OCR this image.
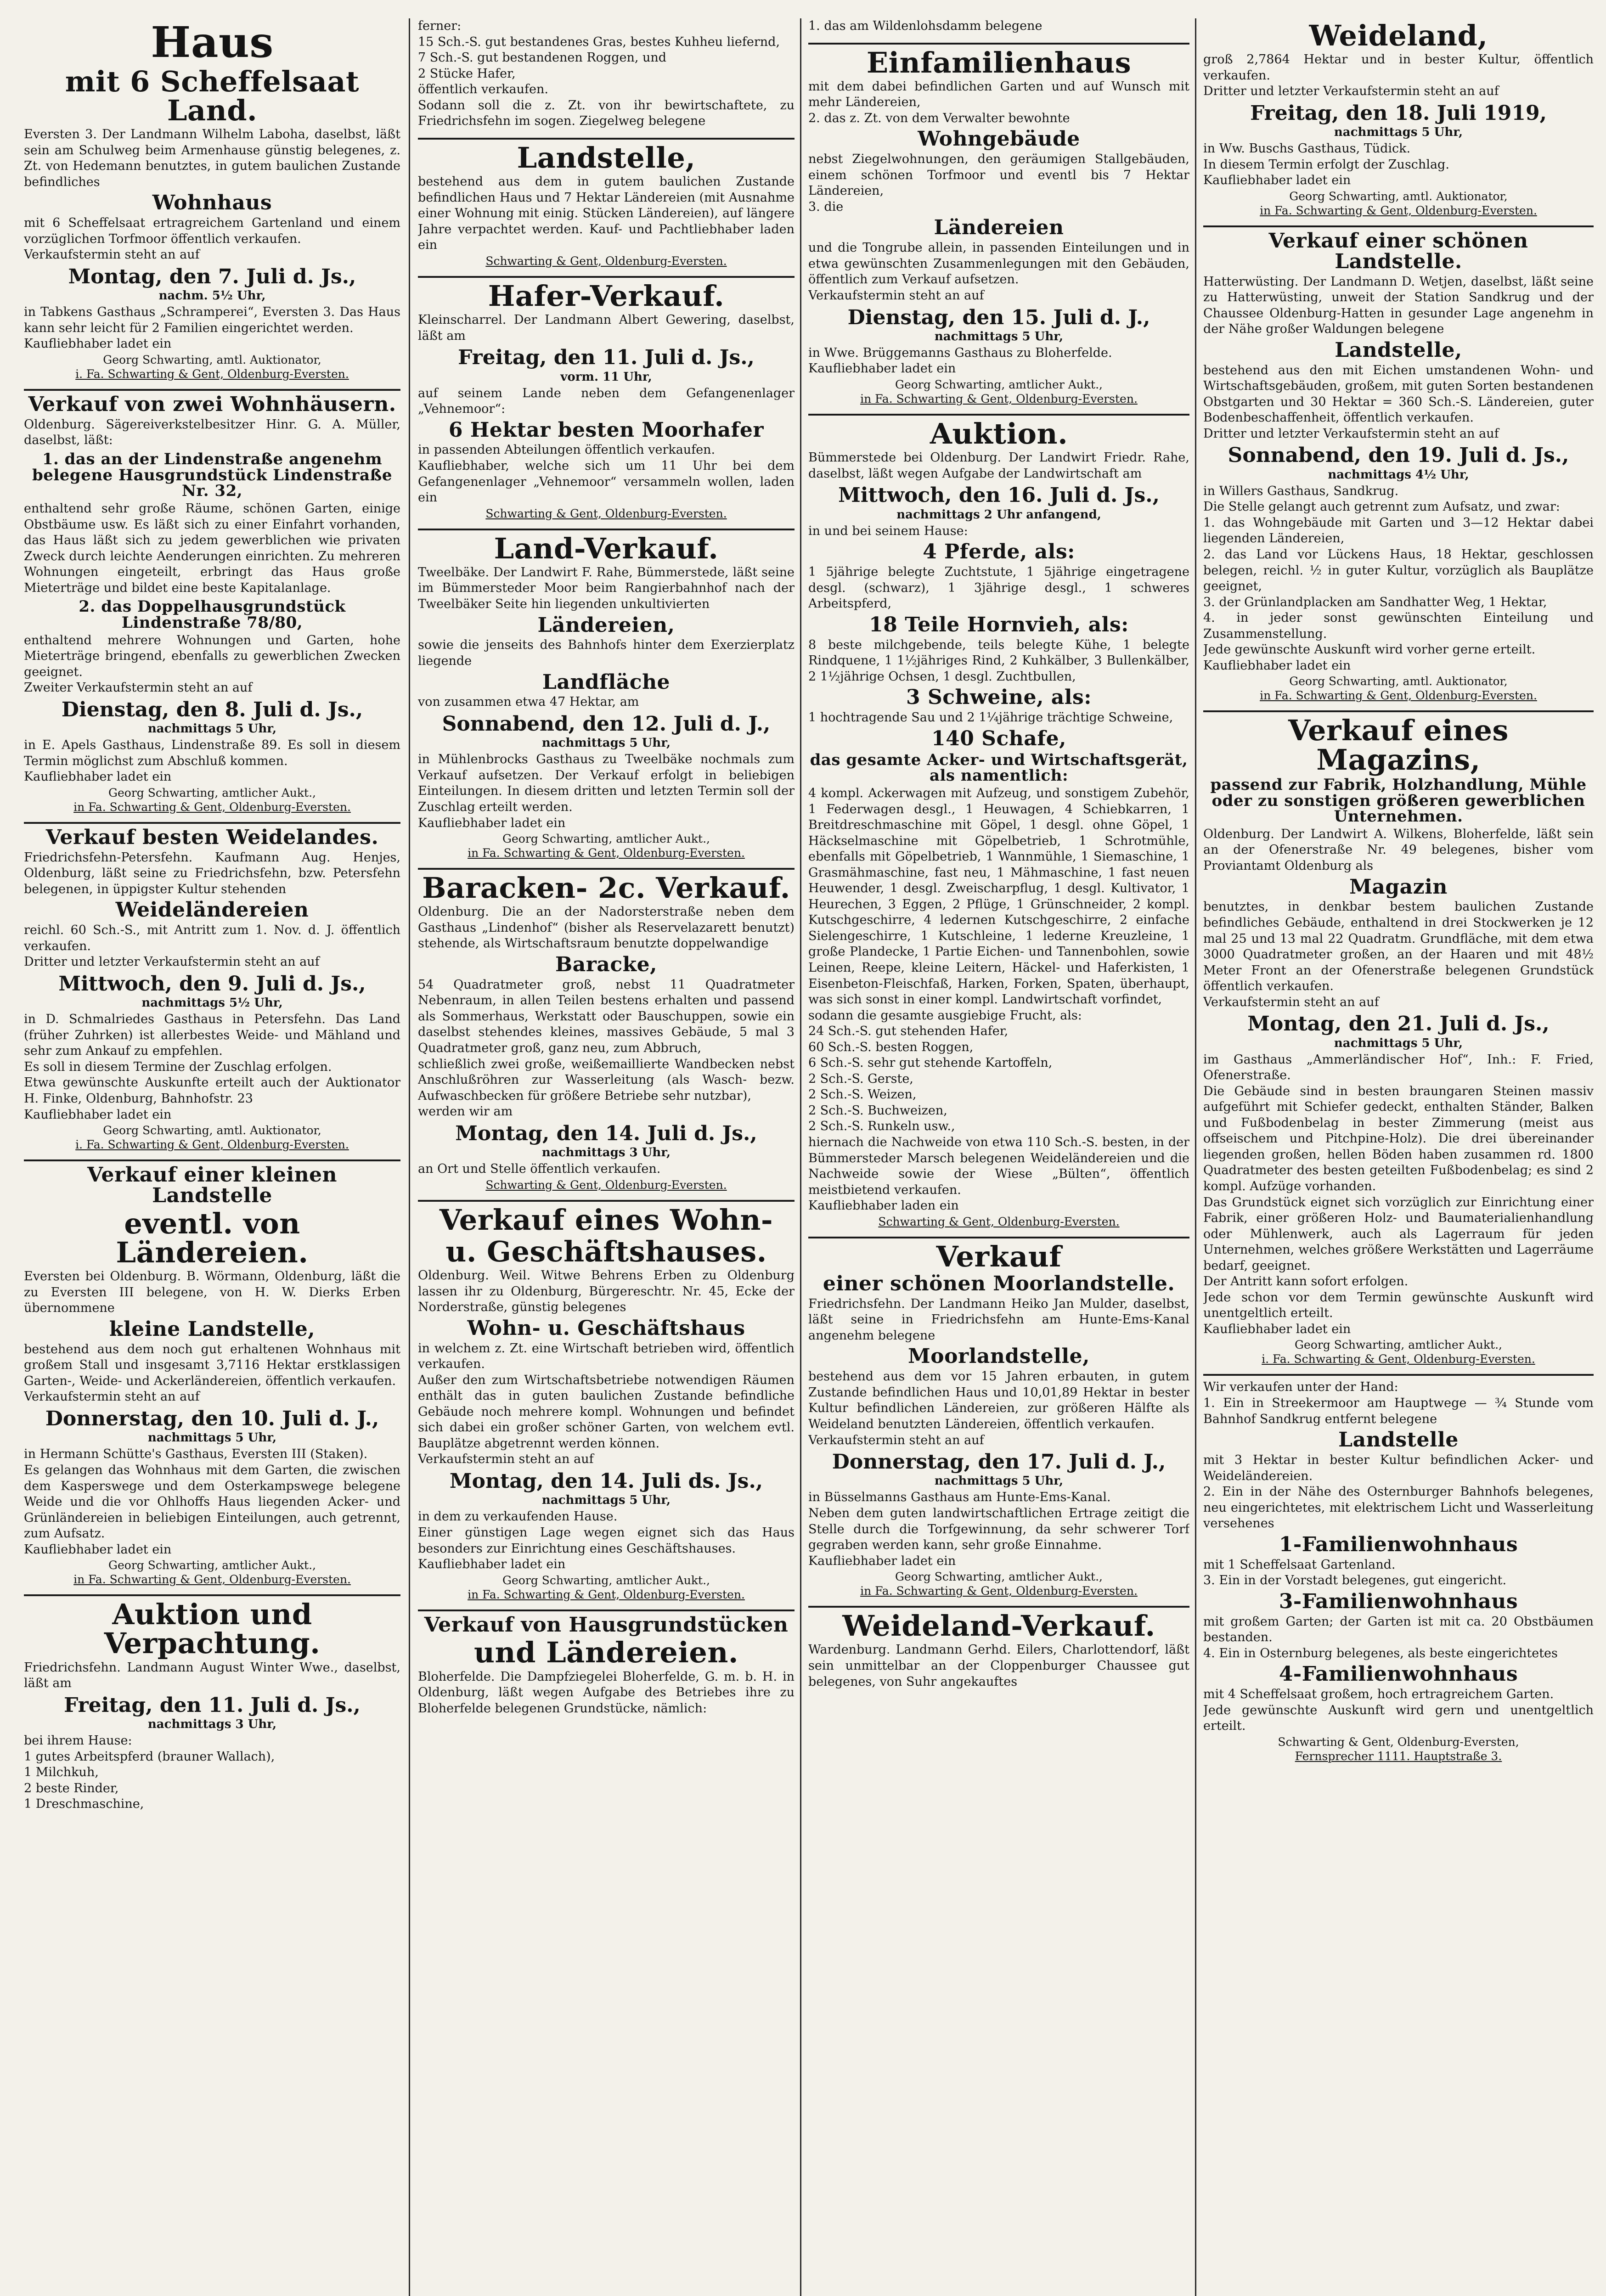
Haus
mit 6 Scheffelsaat Land.

Eversten 3. Der Landmann Wilhelm Laboha, daselbst, läßt sein am Schulweg beim Armenhause günstig belegenes, z. Zt. von Hedemann benutztes, in gutem baulichen Zustande befindliches

Wohnhaus

mit 6 Scheffelsaat ertragreichem Gartenland und einem vorzüglichen Torfmoor öffentlich verkaufen.

Verkaufstermin steht an auf

Montag, den 7. Juli d. Js.,
nachm. 5½ Uhr,

in Tabkens Gasthaus „Schramperei“, Eversten 3. Das Haus kann sehr leicht für 2 Familien eingerichtet werden.

Kaufliebhaber ladet ein

Georg Schwarting, amtl. Auktionator,

i. Fa. Schwarting & Gent, Oldenburg-Eversten.

Verkauf von zwei Wohnhäusern.

Oldenburg. Sägereiverkstelbesitzer Hinr. G. A. Müller, daselbst, läßt:

1. das an der Lindenstraße angenehm belegene Hausgrundstück Lindenstraße Nr. 32,

enthaltend sehr große Räume, schönen Garten, einige Obstbäume usw. Es läßt sich zu einer Einfahrt vorhanden, das Haus läßt sich zu jedem gewerblichen wie privaten Zweck durch leichte Aenderungen einrichten. Zu mehreren Wohnungen eingeteilt, erbringt das Haus große Mieterträge und bildet eine beste Kapitalanlage.

2. das Doppelhausgrundstück Lindenstraße 78/80,

enthaltend mehrere Wohnungen und Garten, hohe Mieterträge bringend, ebenfalls zu gewerblichen Zwecken geeignet.

Zweiter Verkaufstermin steht an auf

Dienstag, den 8. Juli d. Js.,
nachmittags 5 Uhr,

in E. Apels Gasthaus, Lindenstraße 89. Es soll in diesem Termin möglichst zum Abschluß kommen.

Kaufliebhaber ladet ein

Georg Schwarting, amtlicher Aukt.,

in Fa. Schwarting & Gent, Oldenburg-Eversten.

Verkauf besten Weidelandes.

Friedrichsfehn-Petersfehn. Kaufmann Aug. Henjes, Oldenburg, läßt seine zu Friedrichsfehn, bzw. Petersfehn belegenen, in üppigster Kultur stehenden

Weideländereien

reichl. 60 Sch.-S., mit Antritt zum 1. Nov. d. J. öffentlich verkaufen.

Dritter und letzter Verkaufstermin steht an auf

Mittwoch, den 9. Juli d. Js.,
nachmittags 5½ Uhr,

in D. Schmalriedes Gasthaus in Petersfehn. Das Land (früher Zuhrken) ist allerbestes Weide- und Mähland und sehr zum Ankauf zu empfehlen.

Es soll in diesem Termine der Zuschlag erfolgen.

Etwa gewünschte Auskunfte erteilt auch der Auktionator H. Finke, Oldenburg, Bahnhofstr. 23

Kaufliebhaber ladet ein

Georg Schwarting, amtl. Auktionator,

i. Fa. Schwarting & Gent, Oldenburg-Eversten.

Verkauf einer kleinen Landstelle
eventl. von Ländereien.

Eversten bei Oldenburg. B. Wörmann, Oldenburg, läßt die zu Eversten III belegene, von H. W. Dierks Erben übernommene

kleine Landstelle,

bestehend aus dem noch gut erhaltenen Wohnhaus mit großem Stall und insgesamt 3,7116 Hektar erstklassigen Garten-, Weide- und Ackerländereien, öffentlich verkaufen.

Verkaufstermin steht an auf

Donnerstag, den 10. Juli d. J.,
nachmittags 5 Uhr,

in Hermann Schütte's Gasthaus, Eversten III (Staken).

Es gelangen das Wohnhaus mit dem Garten, die zwischen dem Kasperswege und dem Osterkampswege belegene Weide und die vor Ohlhoffs Haus liegenden Acker- und Grünländereien in beliebigen Einteilungen, auch getrennt, zum Aufsatz.

Kaufliebhaber ladet ein

Georg Schwarting, amtlicher Aukt.,

in Fa. Schwarting & Gent, Oldenburg-Eversten.

Auktion und Verpachtung.

Friedrichsfehn. Landmann August Winter Wwe., daselbst, läßt am

Freitag, den 11. Juli d. Js.,
nachmittags 3 Uhr,

bei ihrem Hause:

1 gutes Arbeitspferd (brauner Wallach),

1 Milchkuh,

2 beste Rinder,

1 Dreschmaschine,

ferner:

15 Sch.-S. gut bestandenes Gras, bestes Kuhheu liefernd,

7 Sch.-S. gut bestandenen Roggen, und

2 Stücke Hafer,

öffentlich verkaufen.

Sodann soll die z. Zt. von ihr bewirtschaftete, zu Friedrichsfehn im sogen. Ziegelweg belegene

Landstelle,

bestehend aus dem in gutem baulichen Zustande befindlichen Haus und 7 Hektar Ländereien (mit Ausnahme einer Wohnung mit einig. Stücken Ländereien), auf längere Jahre verpachtet werden. Kauf- und Pachtliebhaber laden ein

Schwarting & Gent, Oldenburg-Eversten.

Hafer-Verkauf.

Kleinscharrel. Der Landmann Albert Gewering, daselbst, läßt am

Freitag, den 11. Juli d. Js.,
vorm. 11 Uhr,

auf seinem Lande neben dem Gefangenenlager „Vehnemoor“:

6 Hektar besten Moorhafer

in passenden Abteilungen öffentlich verkaufen.

Kaufliebhaber, welche sich um 11 Uhr bei dem Gefangenenlager „Vehnemoor“ versammeln wollen, laden ein

Schwarting & Gent, Oldenburg-Eversten.

Land-Verkauf.

Tweelbäke. Der Landwirt F. Rahe, Bümmerstede, läßt seine im Bümmersteder Moor beim Rangierbahnhof nach der Tweelbäker Seite hin liegenden unkultivierten

Ländereien,

sowie die jenseits des Bahnhofs hinter dem Exerzierplatz liegende

Landfläche

von zusammen etwa 47 Hektar, am

Sonnabend, den 12. Juli d. J.,
nachmittags 5 Uhr,

in Mühlenbrocks Gasthaus zu Tweelbäke nochmals zum Verkauf aufsetzen. Der Verkauf erfolgt in beliebigen Einteilungen. In diesem dritten und letzten Termin soll der Zuschlag erteilt werden.

Kaufliebhaber ladet ein

Georg Schwarting, amtlicher Aukt.,

in Fa. Schwarting & Gent, Oldenburg-Eversten.

Baracken- 2c. Verkauf.

Oldenburg. Die an der Nadorsterstraße neben dem Gasthaus „Lindenhof“ (bisher als Reservelazarett benutzt) stehende, als Wirtschaftsraum benutzte doppelwandige

Baracke,

54 Quadratmeter groß, nebst 11 Quadratmeter Nebenraum, in allen Teilen bestens erhalten und passend als Sommerhaus, Werkstatt oder Bauschuppen, sowie ein daselbst stehendes kleines, massives Gebäude, 5 mal 3 Quadratmeter groß, ganz neu, zum Abbruch,

schließlich zwei große, weißemaillierte Wandbecken nebst Anschlußröhren zur Wasserleitung (als Wasch- bezw. Aufwaschbecken für größere Betriebe sehr nutzbar),

werden wir am

Montag, den 14. Juli d. Js.,
nachmittags 3 Uhr,

an Ort und Stelle öffentlich verkaufen.

Schwarting & Gent, Oldenburg-Eversten.

Verkauf eines Wohn-
u. Geschäftshauses.

Oldenburg. Weil. Witwe Behrens Erben zu Oldenburg lassen ihr zu Oldenburg, Bürgereschtr. Nr. 45, Ecke der Norderstraße, günstig belegenes

Wohn- u. Geschäftshaus

in welchem z. Zt. eine Wirtschaft betrieben wird, öffentlich verkaufen.

Außer den zum Wirtschaftsbetriebe notwendigen Räumen enthält das in guten baulichen Zustande befindliche Gebäude noch mehrere kompl. Wohnungen und befindet sich dabei ein großer schöner Garten, von welchem evtl. Bauplätze abgetrennt werden können.

Verkaufstermin steht an auf

Montag, den 14. Juli ds. Js.,
nachmittags 5 Uhr,

in dem zu verkaufenden Hause.

Einer günstigen Lage wegen eignet sich das Haus besonders zur Einrichtung eines Geschäftshauses.

Kaufliebhaber ladet ein

Georg Schwarting, amtlicher Aukt.,

in Fa. Schwarting & Gent, Oldenburg-Eversten.

Verkauf von Hausgrundstücken
und Ländereien.

Bloherfelde. Die Dampfziegelei Bloherfelde, G. m. b. H. in Oldenburg, läßt wegen Aufgabe des Betriebes ihre zu Bloherfelde belegenen Grundstücke, nämlich:

1. das am Wildenlohsdamm belegene

Einfamilienhaus

mit dem dabei befindlichen Garten und auf Wunsch mit mehr Ländereien,

2. das z. Zt. von dem Verwalter bewohnte

Wohngebäude

nebst Ziegelwohnungen, den geräumigen Stallgebäuden, einem schönen Torfmoor und eventl bis 7 Hektar Ländereien,

3. die

Ländereien

und die Tongrube allein, in passenden Einteilungen und in etwa gewünschten Zusammenlegungen mit den Gebäuden, öffentlich zum Verkauf aufsetzen.

Verkaufstermin steht an auf

Dienstag, den 15. Juli d. J.,
nachmittags 5 Uhr,

in Wwe. Brüggemanns Gasthaus zu Bloherfelde.

Kaufliebhaber ladet ein

Georg Schwarting, amtlicher Aukt.,

in Fa. Schwarting & Gent, Oldenburg-Eversten.

Auktion.

Bümmerstede bei Oldenburg. Der Landwirt Friedr. Rahe, daselbst, läßt wegen Aufgabe der Landwirtschaft am

Mittwoch, den 16. Juli d. Js.,
nachmittags 2 Uhr anfangend,

in und bei seinem Hause:

4 Pferde, als:

1 5jährige belegte Zuchtstute, 1 5jährige eingetragene desgl. (schwarz), 1 3jährige desgl., 1 schweres Arbeitspferd,

18 Teile Hornvieh, als:

8 beste milchgebende, teils belegte Kühe, 1 belegte Rindquene, 1 1½jähriges Rind, 2 Kuhkälber, 3 Bullenkälber, 2 1½jährige Ochsen, 1 desgl. Zuchtbullen,

3 Schweine, als:

1 hochtragende Sau und 2 1¼jährige trächtige Schweine,

140 Schafe,

das gesamte Acker- und Wirtschaftsgerät, als namentlich:

4 kompl. Ackerwagen mit Aufzeug, und sonstigem Zubehör, 1 Federwagen desgl., 1 Heuwagen, 4 Schiebkarren, 1 Breitdreschmaschine mit Göpel, 1 desgl. ohne Göpel, 1 Häckselmaschine mit Göpelbetrieb, 1 Schrotmühle, ebenfalls mit Göpelbetrieb, 1 Wannmühle, 1 Siemaschine, 1 Grasmähmaschine, fast neu, 1 Mähmaschine, 1 fast neuen Heuwender, 1 desgl. Zweischarpflug, 1 desgl. Kultivator, 1 Heurechen, 3 Eggen, 2 Pflüge, 1 Grünschneider, 2 kompl. Kutschgeschirre, 4 ledernen Kutschgeschirre, 2 einfache Sielengeschirre, 1 Kutschleine, 1 lederne Kreuzleine, 1 große Plandecke, 1 Partie Eichen- und Tannenbohlen, sowie Leinen, Reepe, kleine Leitern, Häckel- und Haferkisten, 1 Eisenbeton-Fleischfaß, Harken, Forken, Spaten, überhaupt, was sich sonst in einer kompl. Landwirtschaft vorfindet,

sodann die gesamte ausgiebige Frucht, als:

24 Sch.-S. gut stehenden Hafer,

60 Sch.-S. besten Roggen,

6 Sch.-S. sehr gut stehende Kartoffeln,

2 Sch.-S. Gerste,

2 Sch.-S. Weizen,

2 Sch.-S. Buchweizen,

2 Sch.-S. Runkeln usw.,

hiernach die Nachweide von etwa 110 Sch.-S. besten, in der Bümmersteder Marsch belegenen Weideländereien und die Nachweide sowie der Wiese „Bülten“, öffentlich meistbietend verkaufen.

Kaufliebhaber laden ein

Schwarting & Gent, Oldenburg-Eversten.

Verkauf
einer schönen Moorlandstelle.

Friedrichsfehn. Der Landmann Heiko Jan Mulder, daselbst, läßt seine in Friedrichsfehn am Hunte-Ems-Kanal angenehm belegene

Moorlandstelle,

bestehend aus dem vor 15 Jahren erbauten, in gutem Zustande befindlichen Haus und 10,01,89 Hektar in bester Kultur befindlichen Ländereien, zur größeren Hälfte als Weideland benutzten Ländereien, öffentlich verkaufen.

Verkaufstermin steht an auf

Donnerstag, den 17. Juli d. J.,
nachmittags 5 Uhr,

in Büsselmanns Gasthaus am Hunte-Ems-Kanal.

Neben dem guten landwirtschaftlichen Ertrage zeitigt die Stelle durch die Torfgewinnung, da sehr schwerer Torf gegraben werden kann, sehr große Einnahme.

Kaufliebhaber ladet ein

Georg Schwarting, amtlicher Aukt.,

in Fa. Schwarting & Gent, Oldenburg-Eversten.

Weideland-Verkauf.

Wardenburg. Landmann Gerhd. Eilers, Charlottendorf, läßt sein unmittelbar an der Cloppenburger Chaussee gut belegenes, von Suhr angekauftes

Weideland,

groß 2,7864 Hektar und in bester Kultur, öffentlich verkaufen.

Dritter und letzter Verkaufstermin steht an auf

Freitag, den 18. Juli 1919,
nachmittags 5 Uhr,

in Ww. Buschs Gasthaus, Tüdick.

In diesem Termin erfolgt der Zuschlag.

Kaufliebhaber ladet ein

Georg Schwarting, amtl. Auktionator,

in Fa. Schwarting & Gent, Oldenburg-Eversten.

Verkauf einer schönen Landstelle.

Hatterwüsting. Der Landmann D. Wetjen, daselbst, läßt seine zu Hatterwüsting, unweit der Station Sandkrug und der Chaussee Oldenburg-Hatten in gesunder Lage angenehm in der Nähe großer Waldungen belegene

Landstelle,

bestehend aus den mit Eichen umstandenen Wohn- und Wirtschaftsgebäuden, großem, mit guten Sorten bestandenen Obstgarten und 30 Hektar = 360 Sch.-S. Ländereien, guter Bodenbeschaffenheit, öffentlich verkaufen.

Dritter und letzter Verkaufstermin steht an auf

Sonnabend, den 19. Juli d. Js.,
nachmittags 4½ Uhr,

in Willers Gasthaus, Sandkrug.

Die Stelle gelangt auch getrennt zum Aufsatz, und zwar:

1. das Wohngebäude mit Garten und 3—12 Hektar dabei liegenden Ländereien,

2. das Land vor Lückens Haus, 18 Hektar, geschlossen belegen, reichl. ½ in guter Kultur, vorzüglich als Bauplätze geeignet,

3. der Grünlandplacken am Sandhatter Weg, 1 Hektar,

4. in jeder sonst gewünschten Einteilung und Zusammenstellung.

Jede gewünschte Auskunft wird vorher gerne erteilt.

Kaufliebhaber ladet ein

Georg Schwarting, amtl. Auktionator,

in Fa. Schwarting & Gent, Oldenburg-Eversten.

Verkauf eines Magazins,
passend zur Fabrik, Holzhandlung, Mühle oder zu sonstigen größeren gewerblichen Unternehmen.

Oldenburg. Der Landwirt A. Wilkens, Bloherfelde, läßt sein an der Ofenerstraße Nr. 49 belegenes, bisher vom Proviantamt Oldenburg als

Magazin

benutztes, in denkbar bestem baulichen Zustande befindliches Gebäude, enthaltend in drei Stockwerken je 12 mal 25 und 13 mal 22 Quadratm. Grundfläche, mit dem etwa 3000 Quadratmeter großen, an der Haaren und mit 48½ Meter Front an der Ofenerstraße belegenen Grundstück öffentlich verkaufen.

Verkaufstermin steht an auf

Montag, den 21. Juli d. Js.,
nachmittags 5 Uhr,

im Gasthaus „Ammerländischer Hof“, Inh.: F. Fried, Ofenerstraße.

Die Gebäude sind in besten braungaren Steinen massiv aufgeführt mit Schiefer gedeckt, enthalten Ständer, Balken und Fußbodenbelag in bester Zimmerung (meist aus offseischem und Pitchpine-Holz). Die drei übereinander liegenden großen, hellen Böden haben zusammen rd. 1800 Quadratmeter des besten geteilten Fußbodenbelag; es sind 2 kompl. Aufzüge vorhanden.

Das Grundstück eignet sich vorzüglich zur Einrichtung einer Fabrik, einer größeren Holz- und Baumaterialienhandlung oder Mühlenwerk, auch als Lagerraum für jeden Unternehmen, welches größere Werkstätten und Lagerräume bedarf, geeignet.

Der Antritt kann sofort erfolgen.

Jede schon vor dem Termin gewünschte Auskunft wird unentgeltlich erteilt.

Kaufliebhaber ladet ein

Georg Schwarting, amtlicher Aukt.,

i. Fa. Schwarting & Gent, Oldenburg-Eversten.

Wir verkaufen unter der Hand:

1. Ein in Streekermoor am Hauptwege — ¾ Stunde vom Bahnhof Sandkrug entfernt belegene

Landstelle

mit 3 Hektar in bester Kultur befindlichen Acker- und Weideländereien.

2. Ein in der Nähe des Osternburger Bahnhofs belegenes, neu eingerichtetes, mit elektrischem Licht und Wasserleitung versehenes

1-Familienwohnhaus

mit 1 Scheffelsaat Gartenland.

3. Ein in der Vorstadt belegenes, gut eingericht.

3-Familienwohnhaus

mit großem Garten; der Garten ist mit ca. 20 Obstbäumen bestanden.

4. Ein in Osternburg belegenes, als beste eingerichtetes

4-Familienwohnhaus

mit 4 Scheffelsaat großem, hoch ertragreichem Garten.

Jede gewünschte Auskunft wird gern und unentgeltlich erteilt.

Schwarting & Gent, Oldenburg-Eversten,

Fernsprecher 1111. Hauptstraße 3.
